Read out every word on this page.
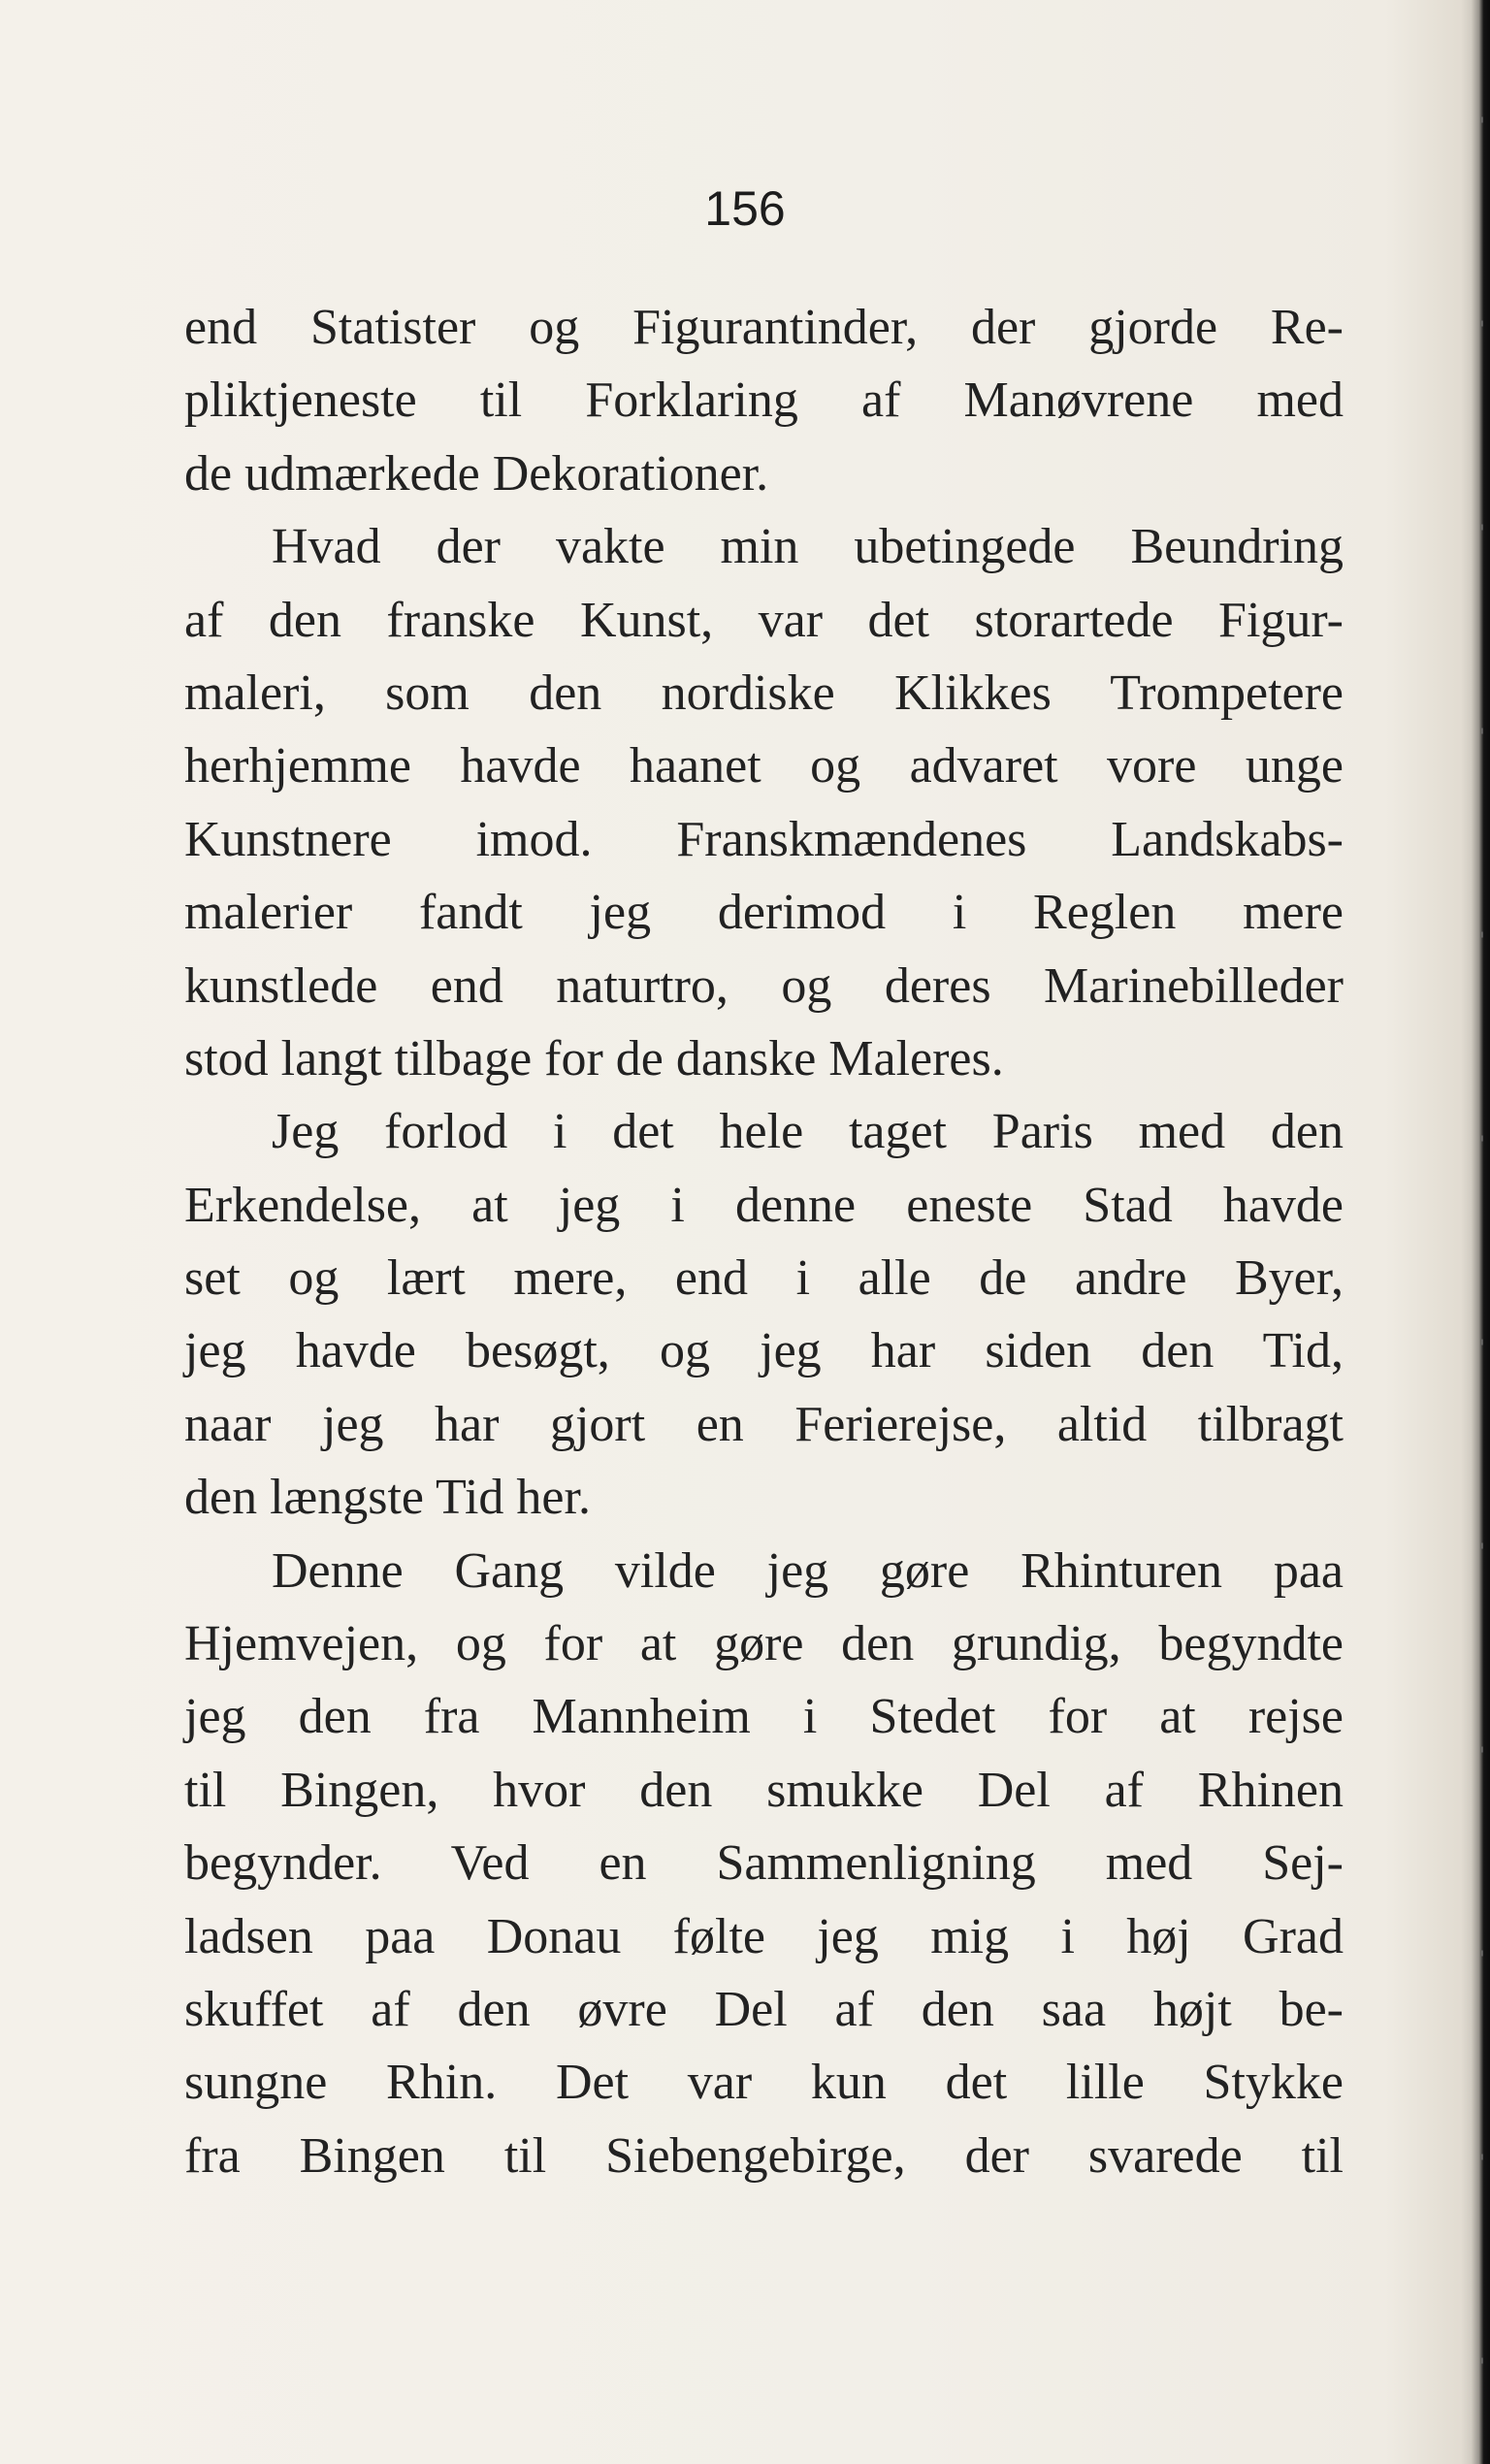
156
end Statister og Figurantinder, der gjorde Re-
pliktjeneste til Forklaring af Manøvrene med
de udmærkede Dekorationer.
Hvad der vakte min ubetingede Beundring
af den franske Kunst, var det storartede Figur-
maleri, som den nordiske Klikkes Trompetere
herhjemme havde haanet og advaret vore unge
Kunstnere imod. Franskmændenes Landskabs-
malerier fandt jeg derimod i Reglen mere
kunstlede end naturtro, og deres Marinebilleder
stod langt tilbage for de danske Maleres.
Jeg forlod i det hele taget Paris med den
Erkendelse, at jeg i denne eneste Stad havde
set og lært mere, end i alle de andre Byer,
jeg havde besøgt, og jeg har siden den Tid,
naar jeg har gjort en Ferierejse, altid tilbragt
den længste Tid her.
Denne Gang vilde jeg gøre Rhinturen paa
Hjemvejen, og for at gøre den grundig, begyndte
jeg den fra Mannheim i Stedet for at rejse
til Bingen, hvor den smukke Del af Rhinen
begynder. Ved en Sammenligning med Sej-
ladsen paa Donau følte jeg mig i høj Grad
skuffet af den øvre Del af den saa højt be-
sungne Rhin. Det var kun det lille Stykke
fra Bingen til Siebengebirge, der svarede til
